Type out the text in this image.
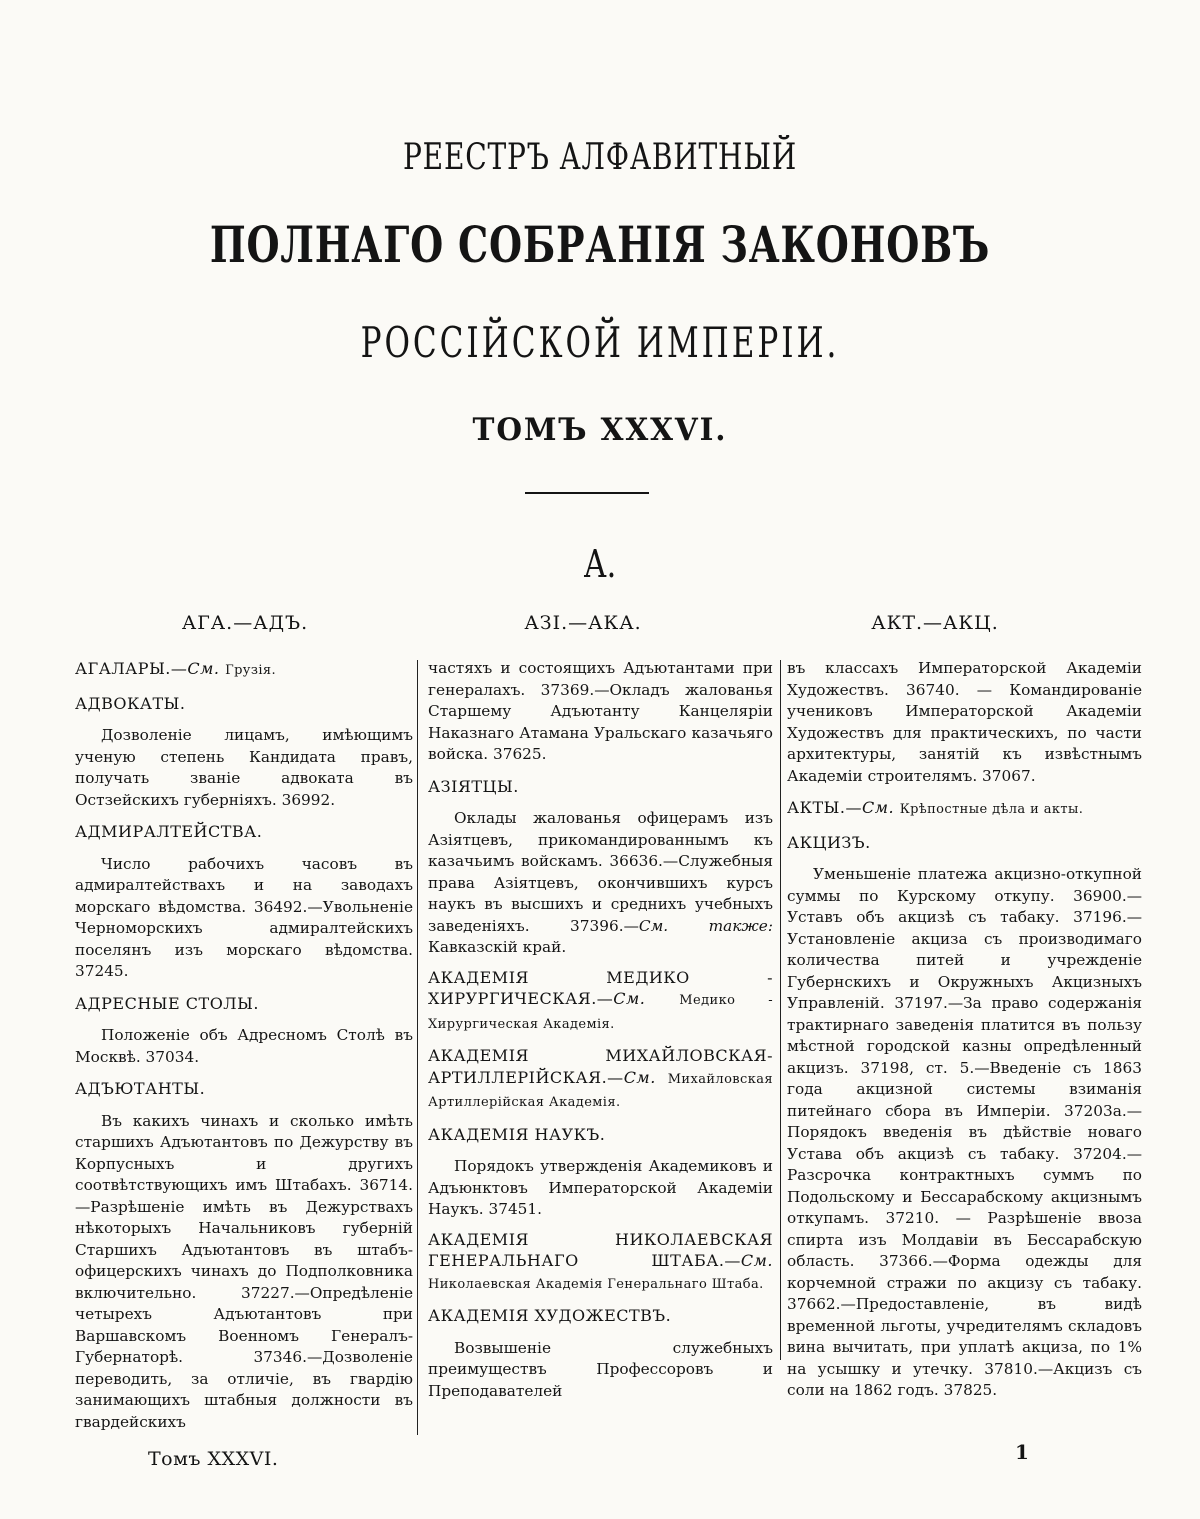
РЕЕСТРЪ АЛФАВИТНЫЙ
ПОЛНАГО СОБРАНІЯ ЗАКОНОВЪ
РОССІЙСКОЙ ИМПЕРІИ.
ТОМЪ XXXVI.
А.
АГА.—АДЪ.	АЗІ.—АКА.	АКТ.—АКЦ.
АГАЛАРЫ.—См. Грузія.
АДВОКАТЫ.

Дозволеніе лицамъ, имѣющимъ ученую степень Кандидата правъ, получать званіе адвоката въ Остзейскихъ губерніяхъ. 36992.

АДМИРАЛТЕЙСТВА.

Число рабочихъ часовъ въ адмиралтействахъ и на заводахъ морскаго вѣдомства. 36492.—Увольненіе Черноморскихъ адмиралтейскихъ поселянъ изъ морскаго вѣдомства. 37245.

АДРЕСНЫЕ СТОЛЫ.

Положеніе объ Адресномъ Столѣ въ Москвѣ. 37034.

АДЪЮТАНТЫ.

Въ какихъ чинахъ и сколько имѣть старшихъ Адъютантовъ по Дежурству въ Корпусныхъ и другихъ соотвѣтствующихъ имъ Штабахъ. 36714.—Разрѣшеніе имѣть въ Дежурствахъ нѣкоторыхъ Начальниковъ губерній Старшихъ Адъютантовъ въ штабъ-офицерскихъ чинахъ до Подполковника включительно. 37227.—Опредѣленіе четырехъ Адъютантовъ при Варшавскомъ Военномъ Генералъ-Губернаторѣ. 37346.—Дозволеніе переводить, за отличіе, въ гвардію занимающихъ штабныя должности въ гвардейскихъ

частяхъ и состоящихъ Адъютантами при генералахъ. 37369.—Окладъ жалованья Старшему Адъютанту Канцеляріи Наказнаго Атамана Уральскаго казачьяго войска. 37625.

АЗІЯТЦЫ.

Оклады жалованья офицерамъ изъ Азіятцевъ, прикомандированнымъ къ казачьимъ войскамъ. 36636.—Служебныя права Азіятцевъ, окончившихъ курсъ наукъ въ высшихъ и среднихъ учебныхъ заведеніяхъ. 37396.—См. также: Кавказскій край.

АКАДЕМІЯ МЕДИКО - ХИРУРГИЧЕСКАЯ.—См.	Медико - Хирургическая Академія.
АКАДЕМІЯ МИХАЙЛОВСКАЯ-АРТИЛЛЕРІЙСКАЯ.—См. Михайловская Артиллерійская Академія.
АКАДЕМІЯ НАУКЪ.

Порядокъ утвержденія Академиковъ и Адъюнктовъ Императорской Академіи Наукъ. 37451.

АКАДЕМІЯ НИКОЛАЕВСКАЯ ГЕНЕРАЛЬНАГО ШТАБА.—См. Николаевская Академія Генеральнаго Штаба.
АКАДЕМІЯ ХУДОЖЕСТВЪ.

Возвышеніе служебныхъ преимуществъ Профессоровъ и Преподавателей

въ классахъ Императорской Академіи Художествъ. 36740. — Командированіе учениковъ Императорской Академіи Художествъ для практическихъ, по части архитектуры, занятій къ извѣстнымъ Академіи строителямъ. 37067.

АКТЫ.—См. Крѣпостные дѣла и акты.
АКЦИЗЪ.

Уменьшеніе платежа акцизно-откупной суммы по Курскому откупу. 36900.—Уставъ объ акцизѣ съ табаку. 37196.—Установленіе акциза съ производимаго количества питей и учрежденіе Губернскихъ и Окружныхъ Акцизныхъ Управленій. 37197.—За право содержанія трактирнаго заведенія платится въ пользу мѣстной городской казны опредѣленный акцизъ. 37198, ст. 5.—Введеніе съ 1863 года акцизной системы взиманія питейнаго сбора въ Имперіи. 37203а.—Порядокъ введенія въ дѣйствіе новаго Устава объ акцизѣ съ табаку. 37204.—Разсрочка контрактныхъ суммъ по Подольскому и Бессарабскому акцизнымъ откупамъ. 37210. — Разрѣшеніе ввоза спирта изъ Молдавіи въ Бессарабскую область. 37366.—Форма одежды для корчемной стражи по акцизу съ табаку. 37662.—Предоставленіе, въ видѣ временной льготы, учредителямъ складовъ вина вычитать, при уплатѣ акциза, по 1% на усышку и утечку. 37810.—Акцизъ съ соли на 1862 годъ. 37825.

Томъ XXXVI.	1
